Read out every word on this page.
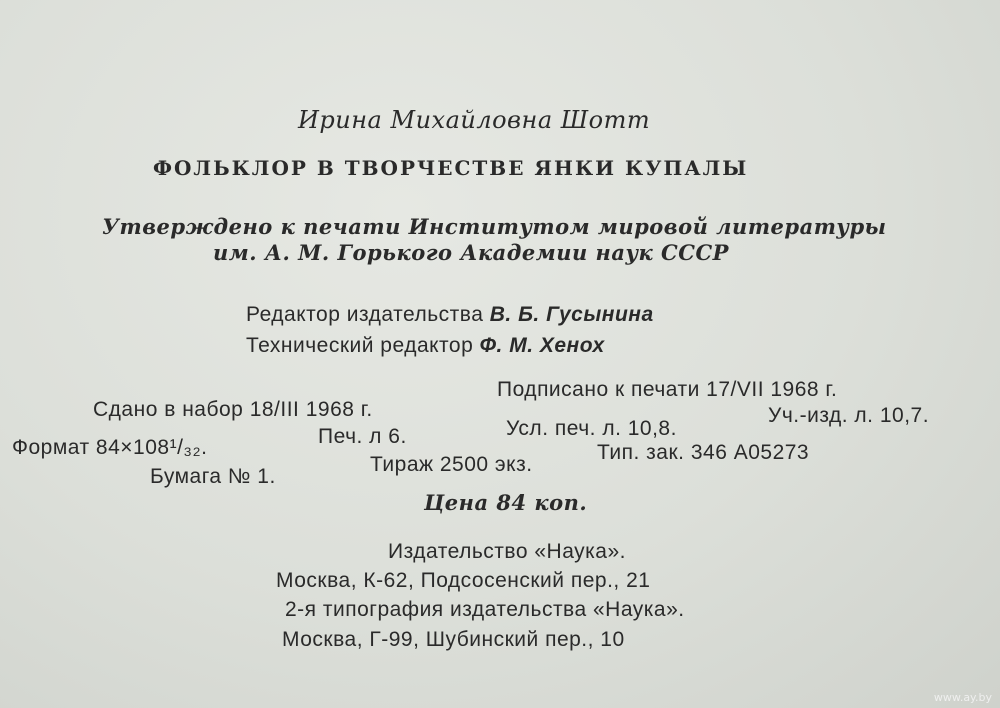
Ирина Михайловна Шотт
ФОЛЬКЛОР В ТВОРЧЕСТВЕ ЯНКИ КУПАЛЫ
Утверждено к печати Институтом мировой литературы
им. А. М. Горького Академии наук СССР
Редактор издательства В. Б. Гусынина
Технический редактор Ф. М. Хенох
Сдано в набор 18/III 1968 г.
Подписано к печати 17/VII 1968 г.
Формат 84×108¹/₃₂.	Печ. л 6.	Усл. печ. л. 10,8.
Уч.-изд. л. 10,7.
Бумага № 1.
Тираж 2500 экз.
Тип. зак. 346 А05273
Цена 84 коп.
Издательство «Наука».
Москва, К-62, Подсосенский пер., 21
2-я типография издательства «Наука».
Москва, Г-99, Шубинский пер., 10
www.ay.by
